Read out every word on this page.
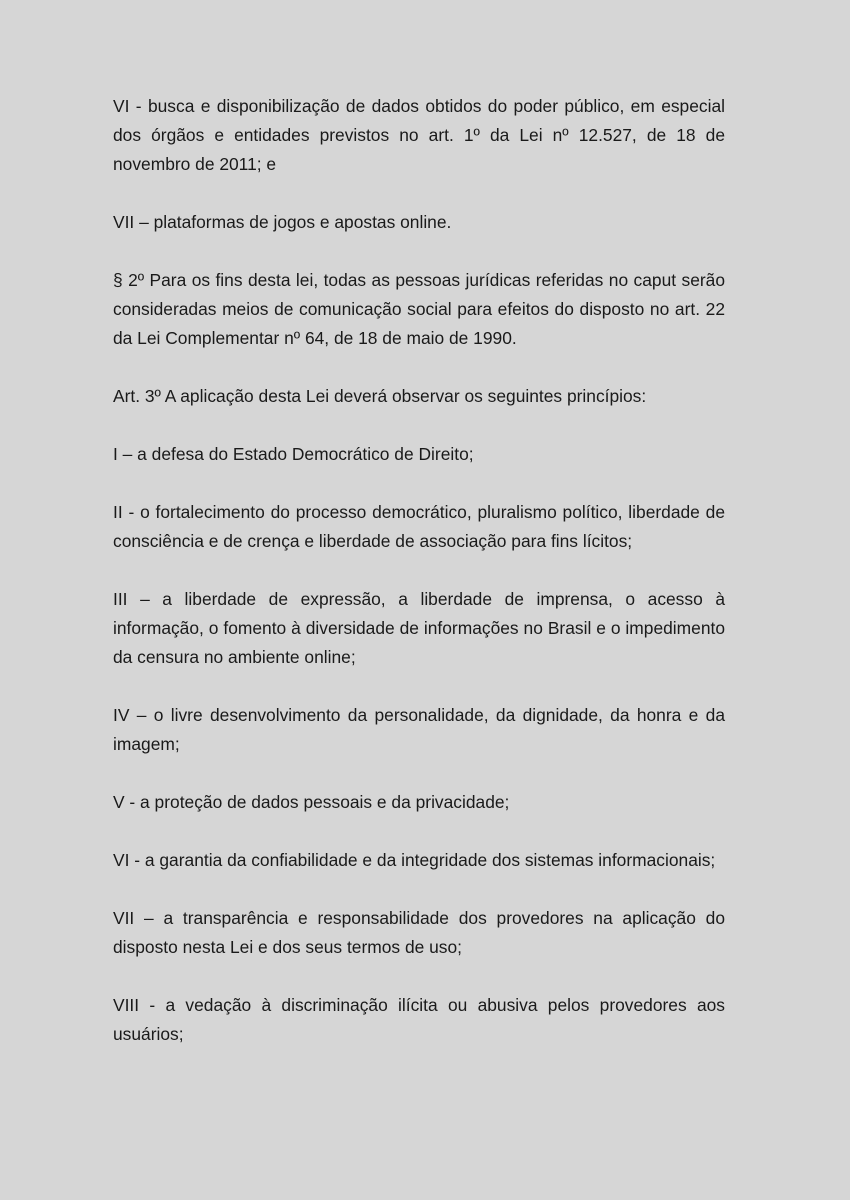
VI - busca e disponibilização de dados obtidos do poder público, em especial dos órgãos e entidades previstos no art. 1º da Lei nº 12.527, de 18 de novembro de 2011; e

VII – plataformas de jogos e apostas online.

§ 2º Para os fins desta lei, todas as pessoas jurídicas referidas no caput serão consideradas meios de comunicação social para efeitos do disposto no art. 22 da Lei Complementar nº 64, de 18 de maio de 1990.

Art. 3º A aplicação desta Lei deverá observar os seguintes princípios:

I – a defesa do Estado Democrático de Direito;

II - o fortalecimento do processo democrático, pluralismo político, liberdade de consciência e de crença e liberdade de associação para fins lícitos;

III – a liberdade de expressão, a liberdade de imprensa, o acesso à informação, o fomento à diversidade de informações no Brasil e o impedimento da censura no ambiente online;

IV – o livre desenvolvimento da personalidade, da dignidade, da honra e da imagem;

V - a proteção de dados pessoais e da privacidade;

VI - a garantia da confiabilidade e da integridade dos sistemas informacionais;

VII – a transparência e responsabilidade dos provedores na aplicação do disposto nesta Lei e dos seus termos de uso;

VIII - a vedação à discriminação ilícita ou abusiva pelos provedores aos usuários;
